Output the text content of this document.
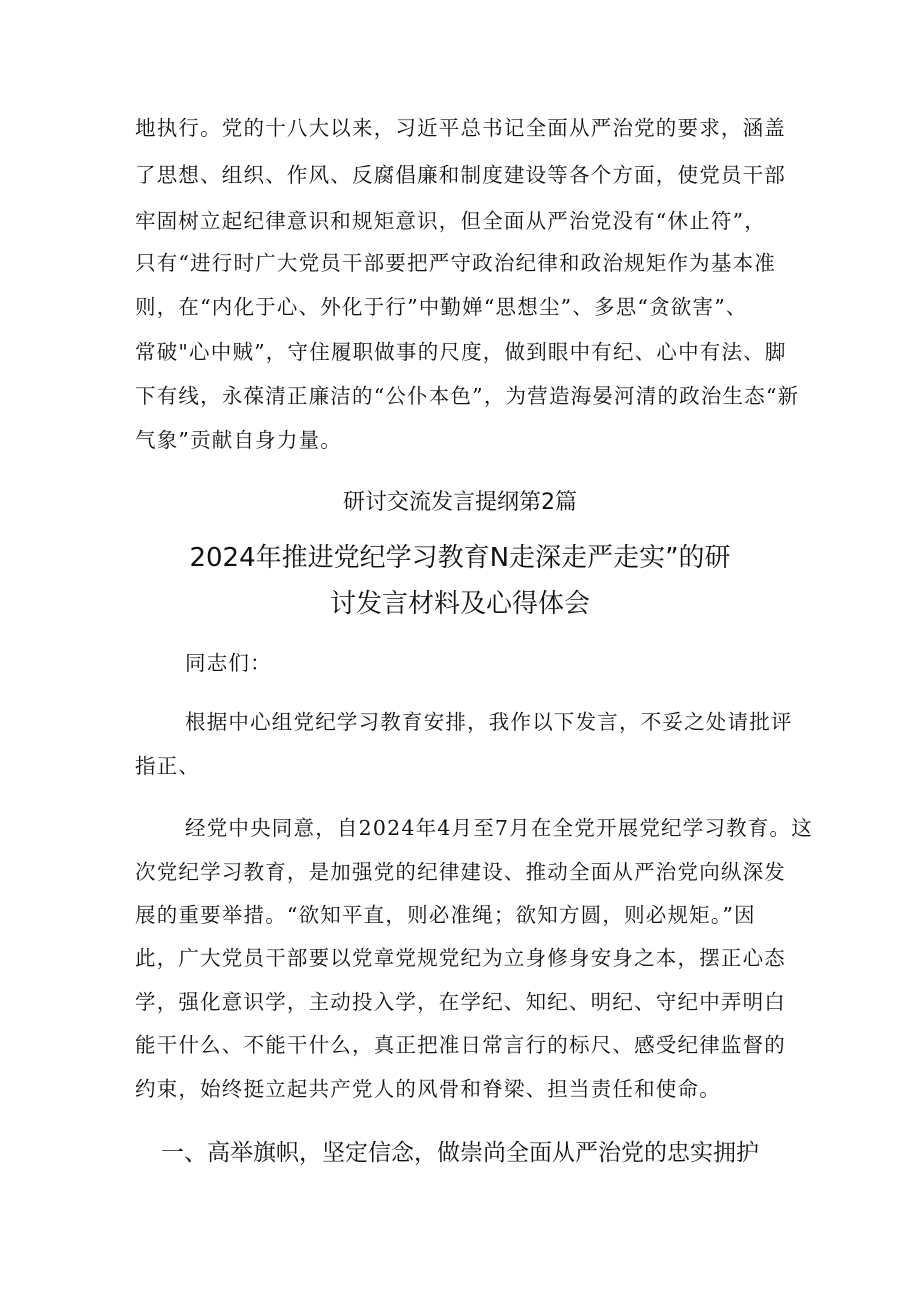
地执行。党的十八大以来，习近平总书记全面从严治党的要求，涵盖
了思想、组织、作风、反腐倡廉和制度建设等各个方面，使党员干部
牢固树立起纪律意识和规矩意识，但全面从严治党没有“休止符”，
只有“进行时广大党员干部要把严守政治纪律和政治规矩作为基本准
则，在“内化于心、外化于行”中勤婵“思想尘”、多思“贪欲害”、
常破"心中贼”，守住履职做事的尺度，做到眼中有纪、心中有法、脚
下有线，永葆清正廉洁的“公仆本色”，为营造海晏河清的政治生态“新
气象”贡献自身力量。
研讨交流发言提纲第2篇
2024年推进党纪学习教育N走深走严走实”的研
讨发言材料及心得体会
同志们：
根据中心组党纪学习教育安排，我作以下发言，不妥之处请批评
指正、
经党中央同意，自2024年4月至7月在全党开展党纪学习教育。这
次党纪学习教育，是加强党的纪律建设、推动全面从严治党向纵深发
展的重要举措。“欲知平直，则必准绳；欲知方圆，则必规矩。”因
此，广大党员干部要以党章党规党纪为立身修身安身之本，摆正心态
学，强化意识学，主动投入学，在学纪、知纪、明纪、守纪中弄明白
能干什么、不能干什么，真正把准日常言行的标尺、感受纪律监督的
约束，始终挺立起共产党人的风骨和脊梁、担当责任和使命。
一、高举旗帜，坚定信念，做崇尚全面从严治党的忠实拥护
